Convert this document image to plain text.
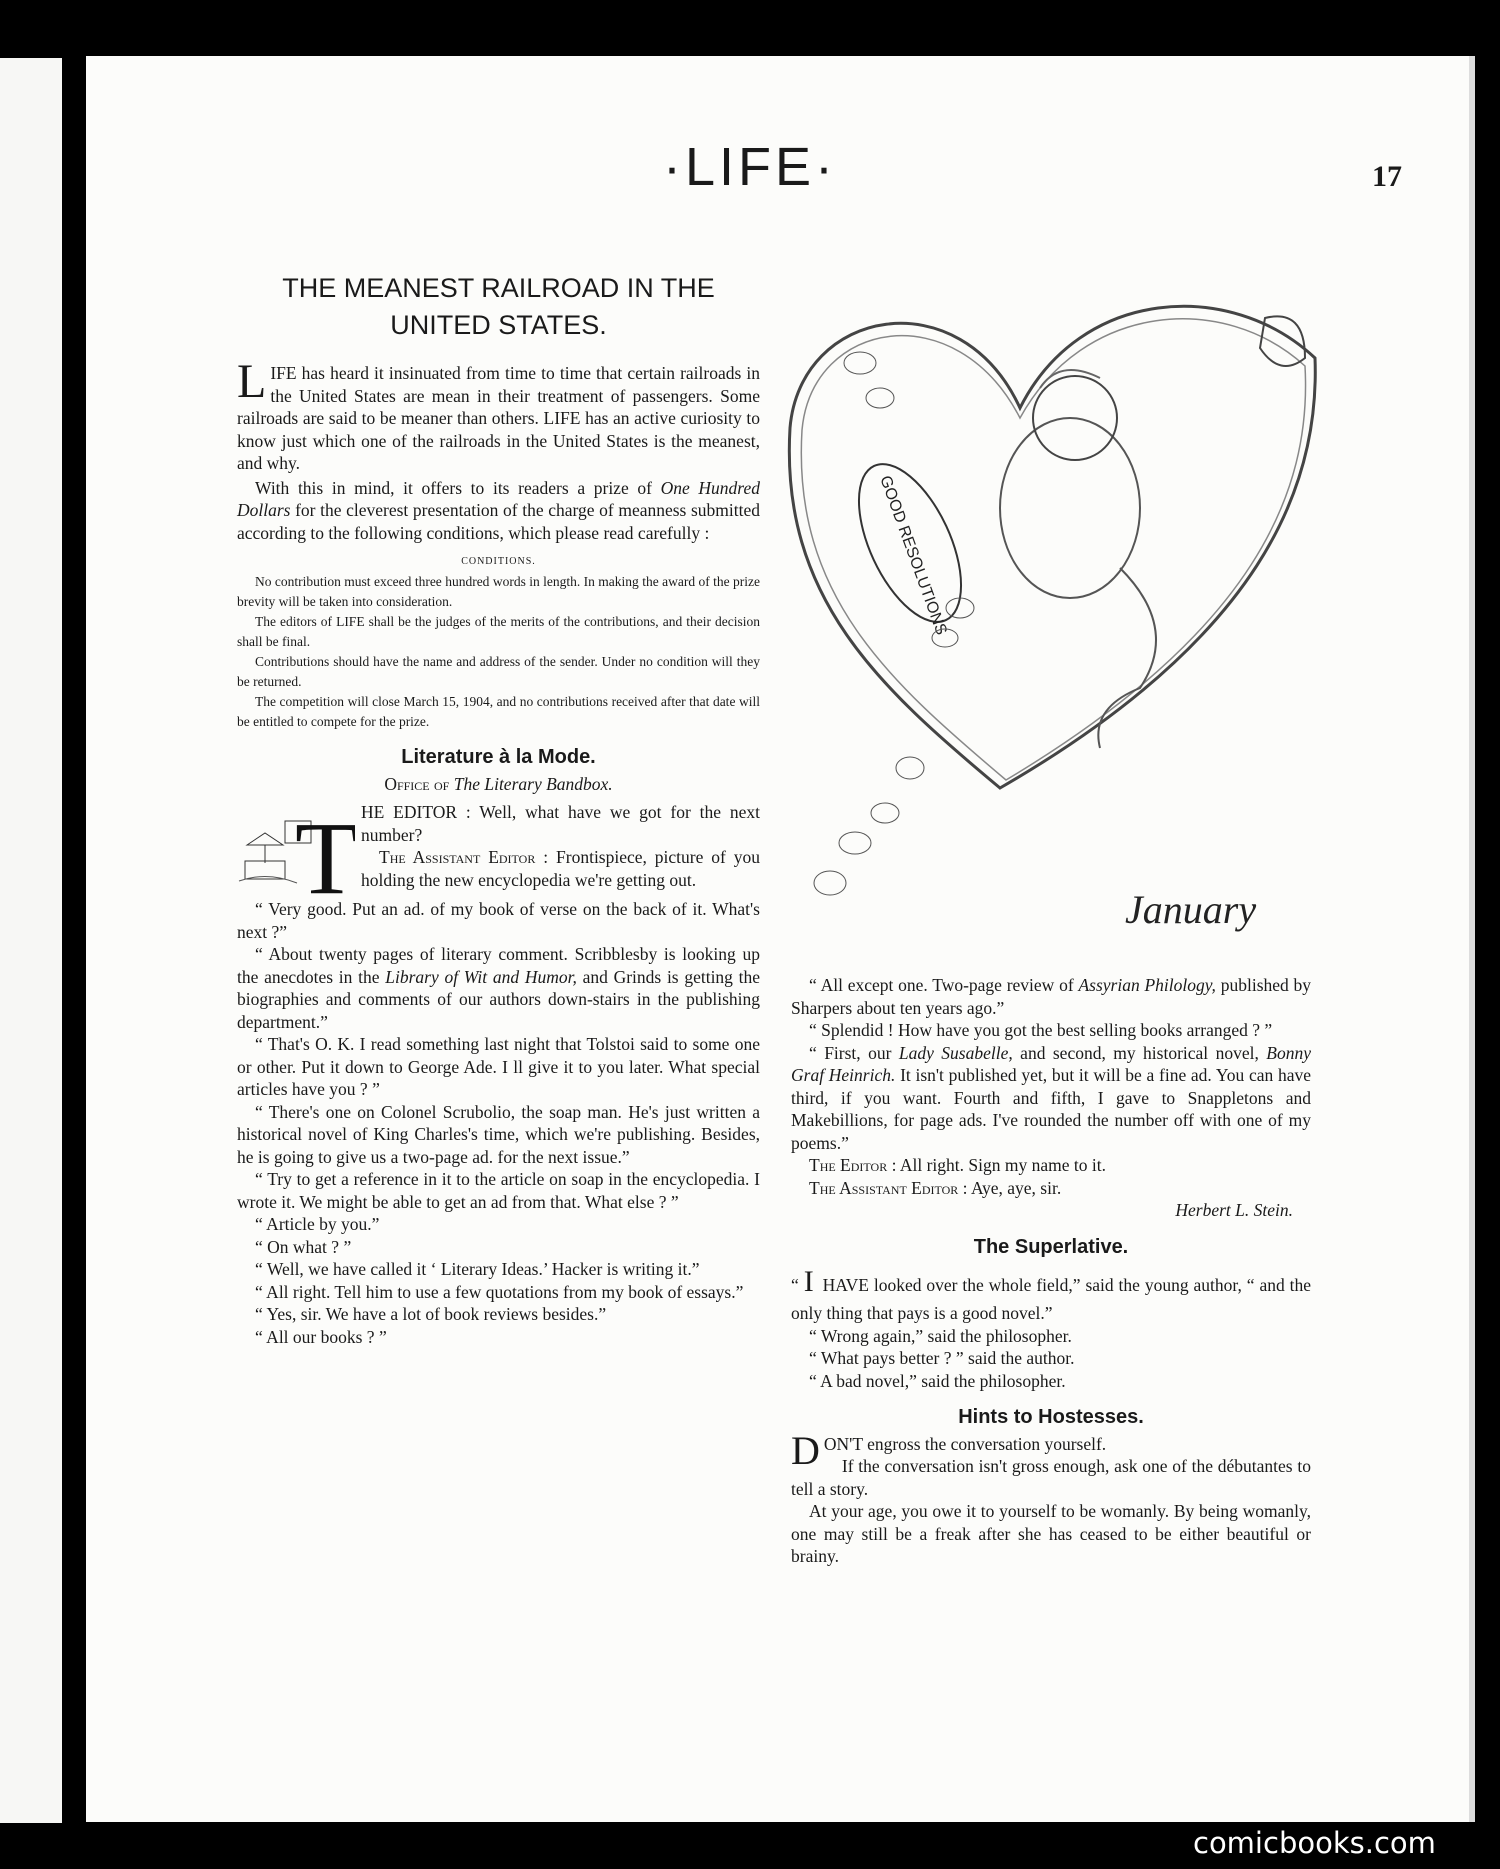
·LIFE·	17
THE MEANEST RAILROAD IN THE
UNITED STATES.

LIFE has heard it insinuated from time to time that certain railroads in the United States are mean in their treatment of passengers. Some railroads are said to be meaner than others. LIFE has an active curiosity to know just which one of the railroads in the United States is the meanest, and why.

With this in mind, it offers to its readers a prize of One Hundred Dollars for the cleverest presentation of the charge of meanness submitted according to the following conditions, which please read carefully :

CONDITIONS.

No contribution must exceed three hundred words in length. In making the award of the prize brevity will be taken into consideration.

The editors of LIFE shall be the judges of the merits of the contributions, and their decision shall be final.

Contributions should have the name and address of the sender. Under no condition will they be returned.

The competition will close March 15, 1904, and no contributions received after that date will be entitled to compete for the prize.

Literature à la Mode.
Office of The Literary Bandbox.
T HE EDITOR : Well, what have we got for the next number?

The Assistant Editor : Frontispiece, picture of you holding the new encyclopedia we're getting out.

“ Very good. Put an ad. of my book of verse on the back of it. What's next ?”

“ About twenty pages of literary comment. Scribblesby is looking up the anecdotes in the Library of Wit and Humor, and Grinds is getting the biographies and comments of our authors down-stairs in the publishing department.”

“ That's O. K. I read something last night that Tolstoi said to some one or other. Put it down to George Ade. I ll give it to you later. What special articles have you ? ”

“ There's one on Colonel Scrubolio, the soap man. He's just written a historical novel of King Charles's time, which we're publishing. Besides, he is going to give us a two-page ad. for the next issue.”

“ Try to get a reference in it to the article on soap in the encyclopedia. I wrote it. We might be able to get an ad from that. What else ? ”

“ Article by you.”

“ On what ? ”

“ Well, we have called it ‘ Literary Ideas.’ Hacker is writing it.”

“ All right. Tell him to use a few quotations from my book of essays.”

“ Yes, sir. We have a lot of book reviews besides.”

“ All our books ? ”

GOOD RESOLUTIONS
January

“ All except one. Two-page review of Assyrian Philology, published by Sharpers about ten years ago.”

“ Splendid ! How have you got the best selling books arranged ? ”

“ First, our Lady Susabelle, and second, my historical novel, Bonny Graf Heinrich. It isn't published yet, but it will be a fine ad. You can have third, if you want. Fourth and fifth, I gave to Snappletons and Makebillions, for page ads. I've rounded the number off with one of my poems.”

The Editor : All right. Sign my name to it.

The Assistant Editor : Aye, aye, sir.

Herbert L. Stein.
The Superlative.

“ I HAVE looked over the whole field,” said the young author, “ and the only thing that pays is a good novel.”

“ Wrong again,” said the philosopher.

“ What pays better ? ” said the author.

“ A bad novel,” said the philosopher.

Hints to Hostesses.

DON'T engross the conversation yourself.

If the conversation isn't gross enough, ask one of the débutantes to tell a story.

At your age, you owe it to yourself to be womanly. By being womanly, one may still be a freak after she has ceased to be either beautiful or brainy.

comicbooks.com
